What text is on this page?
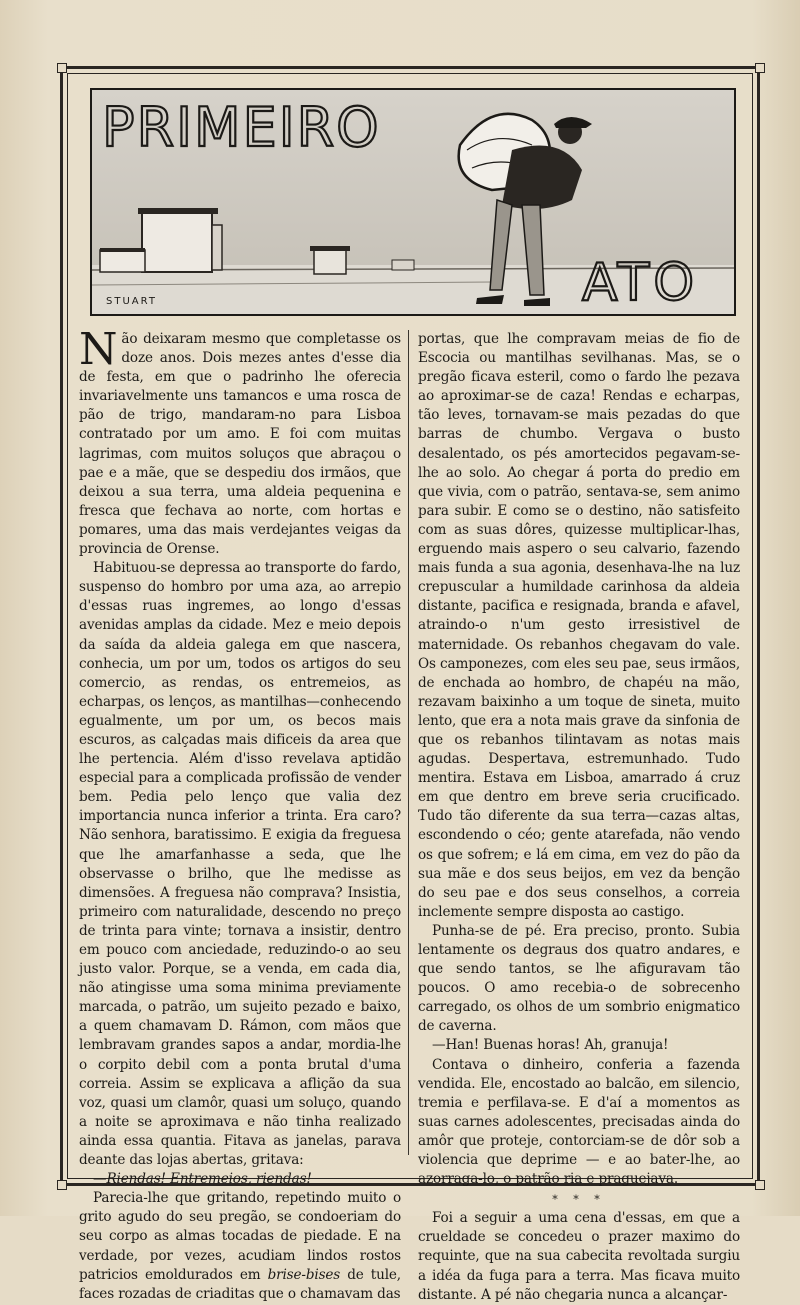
PRIMEIRO
ATO
STUART

Não deixaram mesmo que completasse os doze anos. Dois mezes antes d'esse dia de festa, em que o padrinho lhe oferecia invariavelmente uns tamancos e uma rosca de pão de trigo, mandaram-no para Lisboa contratado por um amo. E foi com muitas lagrimas, com muitos soluços que abraçou o pae e a mãe, que se despediu dos irmãos, que deixou a sua terra, uma aldeia pequenina e fresca que fechava ao norte, com hortas e pomares, uma das mais verdejantes veigas da provincia de Orense.

Habituou-se depressa ao transporte do fardo, suspenso do hombro por uma aza, ao arrepio d'essas ruas ingremes, ao longo d'essas avenidas amplas da cidade. Mez e meio depois da saída da aldeia galega em que nascera, conhecia, um por um, todos os artigos do seu comercio, as rendas, os entremeios, as echarpas, os lenços, as mantilhas—conhecendo egualmente, um por um, os becos mais escuros, as calçadas mais dificeis da area que lhe pertencia. Além d'isso revelava aptidão especial para a complicada profissão de vender bem. Pedia pelo lenço que valia dez importancia nunca inferior a trinta. Era caro? Não senhora, baratissimo. E exigia da freguesa que lhe amarfanhasse a seda, que lhe observasse o brilho, que lhe medisse as dimensões. A freguesa não comprava? Insistia, primeiro com naturalidade, descendo no preço de trinta para vinte; tornava a insistir, dentro em pouco com anciedade, reduzindo-o ao seu justo valor. Porque, se a venda, em cada dia, não atingisse uma soma minima previamente marcada, o patrão, um sujeito pezado e baixo, a quem chamavam D. Rámon, com mãos que lembravam grandes sapos a andar, mordia-lhe o corpito debil com a ponta brutal d'uma correia. Assim se explicava a aflição da sua voz, quasi um clamôr, quasi um soluço, quando a noite se aproximava e não tinha realizado ainda essa quantia. Fitava as janelas, parava deante das lojas abertas, gritava:

—Riendas! Entremeios, riendas!

Parecia-lhe que gritando, repetindo muito o grito agudo do seu pregão, se condoeriam do seu corpo as almas tocadas de piedade. E na verdade, por vezes, acudiam lindos rostos patricios emoldurados em brise-bises de tule, faces rozadas de criaditas que o chamavam das

portas, que lhe compravam meias de fio de Escocia ou mantilhas sevilhanas. Mas, se o pregão ficava esteril, como o fardo lhe pezava ao aproximar-se de caza! Rendas e echarpas, tão leves, tornavam-se mais pezadas do que barras de chumbo. Vergava o busto desalentado, os pés amortecidos pegavam-se-lhe ao solo. Ao chegar á porta do predio em que vivia, com o patrão, sentava-se, sem animo para subir. E como se o destino, não satisfeito com as suas dôres, quizesse multiplicar-lhas, erguendo mais aspero o seu calvario, fazendo mais funda a sua agonia, desenhava-lhe na luz crepuscular a humildade carinhosa da aldeia distante, pacifica e resignada, branda e afavel, atraindo-o n'um gesto irresistivel de maternidade. Os rebanhos chegavam do vale. Os camponezes, com eles seu pae, seus irmãos, de enchada ao hombro, de chapéu na mão, rezavam baixinho a um toque de sineta, muito lento, que era a nota mais grave da sinfonia de que os rebanhos tilintavam as notas mais agudas. Despertava, estremunhado. Tudo mentira. Estava em Lisboa, amarrado á cruz em que dentro em breve seria crucificado. Tudo tão diferente da sua terra—cazas altas, escondendo o céo; gente atarefada, não vendo os que sofrem; e lá em cima, em vez do pão da sua mãe e dos seus beijos, em vez da benção do seu pae e dos seus conselhos, a correia inclemente sempre disposta ao castigo.

Punha-se de pé. Era preciso, pronto. Subia lentamente os degraus dos quatro andares, e que sendo tantos, se lhe afiguravam tão poucos. O amo recebia-o de sobrecenho carregado, os olhos de um sombrio enigmatico de caverna.

—Han! Buenas horas! Ah, granuja!

Contava o dinheiro, conferia a fazenda vendida. Ele, encostado ao balcão, em silencio, tremia e perfilava-se. E d'aí a momentos as suas carnes adolescentes, precisadas ainda do amôr que proteje, contorciam-se de dôr sob a violencia que deprime — e ao bater-lhe, ao azorraga-lo, o patrão ria e praguejava.

* * *

Foi a seguir a uma cena d'essas, em que a crueldade se concedeu o prazer maximo do requinte, que na sua cabecita revoltada surgiu a idéa da fuga para a terra. Mas ficava muito distante. A pé não chegaria nunca a alcançar-
